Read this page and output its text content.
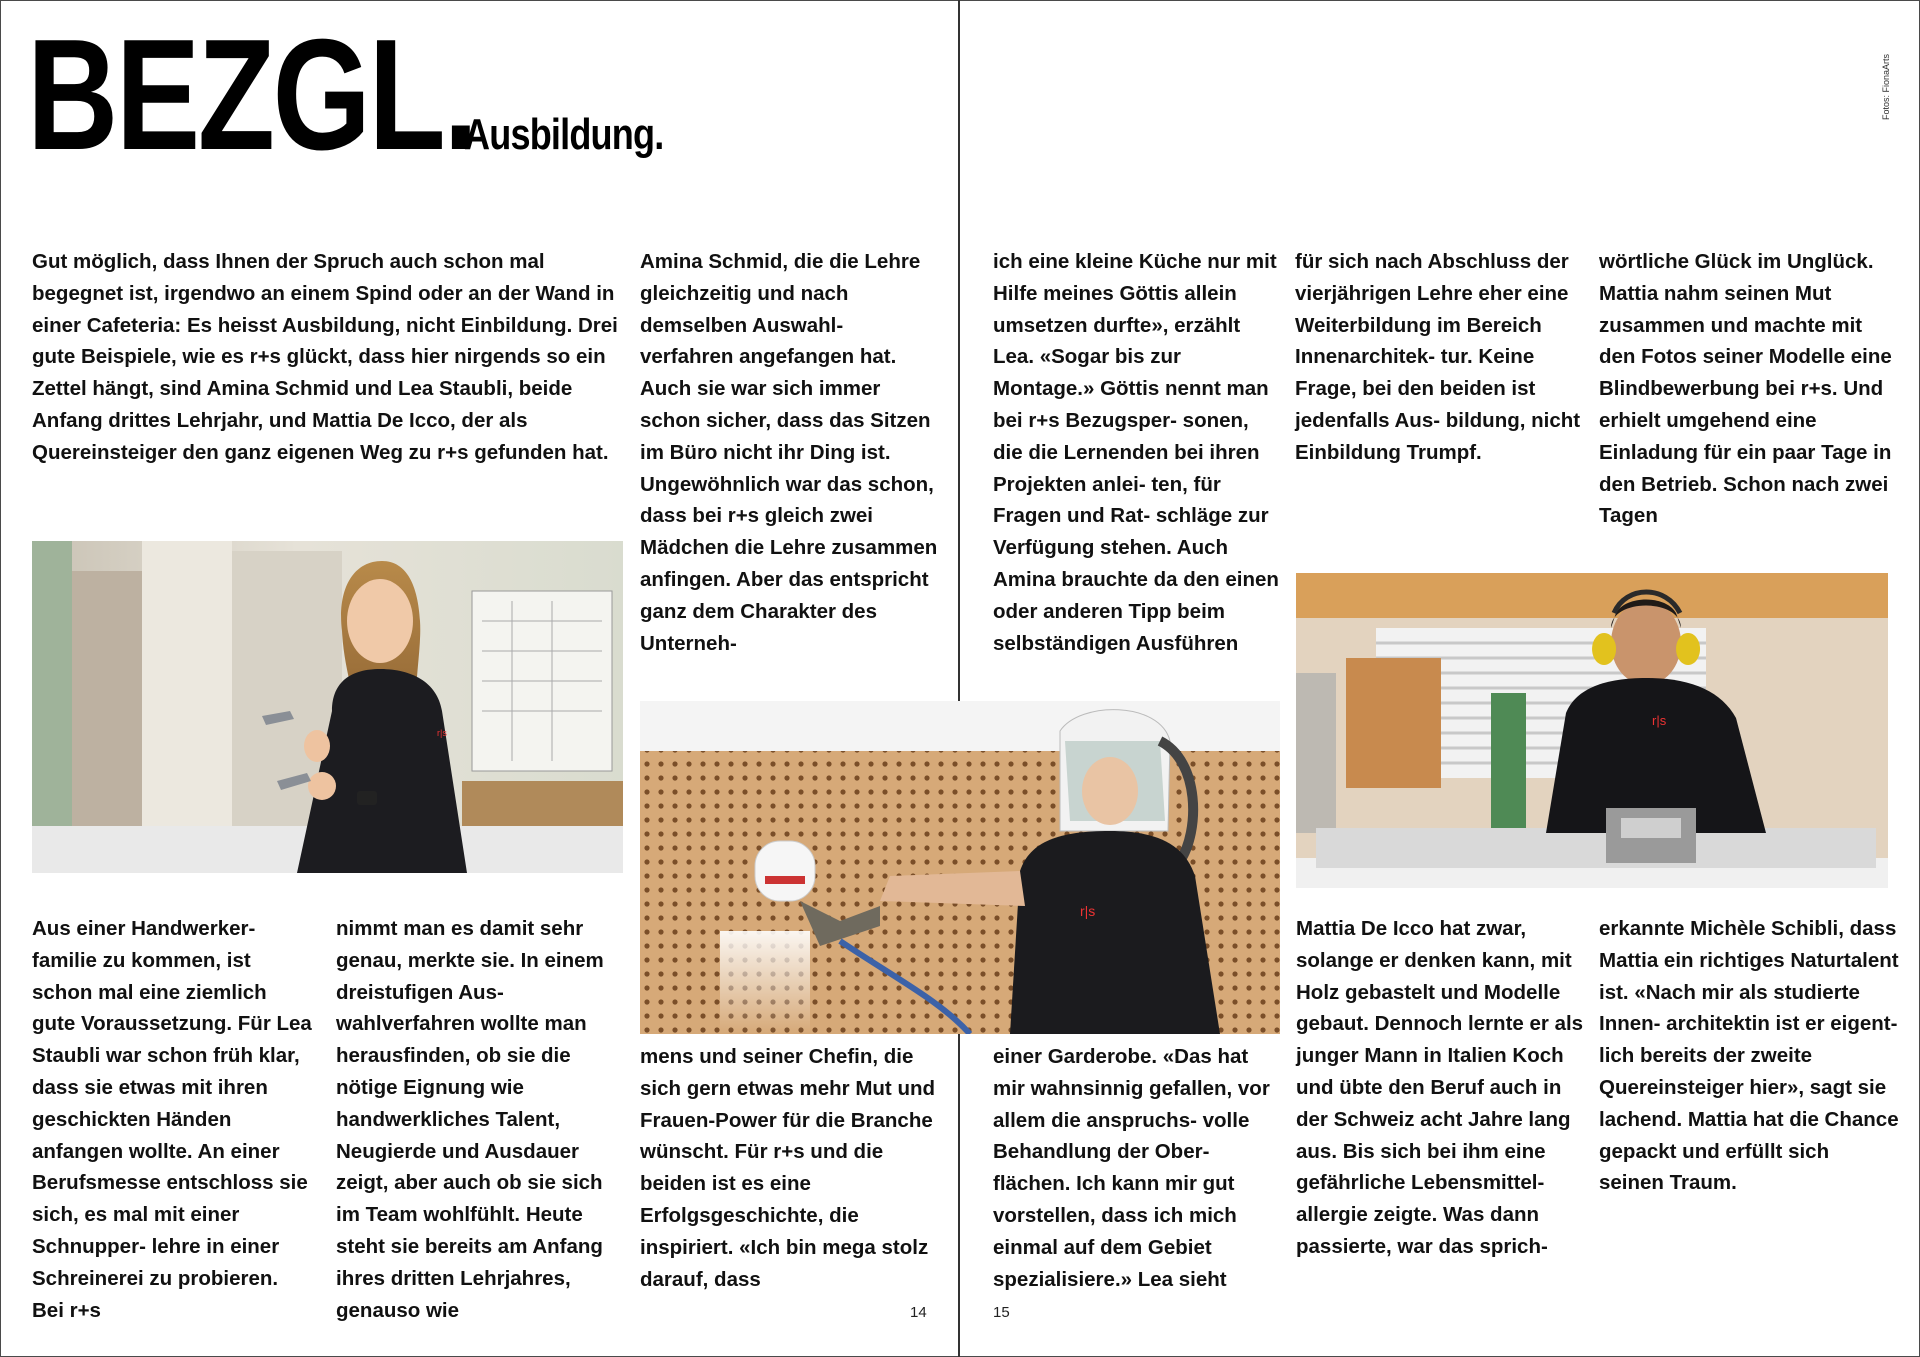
BEZGL.
Ausbildung.
Fotos: FionaArts

Gut möglich, dass Ihnen der Spruch auch schon mal begegnet ist, irgendwo an einem Spind oder an der Wand in einer Cafeteria: Es heisst Ausbildung, nicht Einbildung. Drei gute Beispiele, wie es r+s glückt, dass hier nirgends so ein Zettel hängt, sind Amina Schmid und Lea Staubli, beide Anfang drittes Lehrjahr, und Mattia De Icco, der als Quereinsteiger den ganz eigenen Weg zu r+s gefunden hat.

r|s

Aus einer Handwerker- familie zu kommen, ist schon mal eine ziemlich gute Voraussetzung. Für Lea Staubli war schon früh klar, dass sie etwas mit ihren geschickten Händen anfangen wollte. An einer Berufsmesse entschloss sie sich, es mal mit einer Schnupper- lehre in einer Schreinerei zu probieren. Bei r+s

nimmt man es damit sehr genau, merkte sie. In einem dreistufigen Aus- wahlverfahren wollte man herausfinden, ob sie die nötige Eignung wie handwerkliches Talent, Neugierde und Ausdauer zeigt, aber auch ob sie sich im Team wohlfühlt. Heute steht sie bereits am Anfang ihres dritten Lehrjahres, genauso wie

Amina Schmid, die die Lehre gleichzeitig und nach demselben Auswahl- verfahren angefangen hat. Auch sie war sich immer schon sicher, dass das Sitzen im Büro nicht ihr Ding ist. Ungewöhnlich war das schon, dass bei r+s gleich zwei Mädchen die Lehre zusammen anfingen. Aber das entspricht ganz dem Charakter des Unterneh-

mens und seiner Chefin, die sich gern etwas mehr Mut und Frauen-Power für die Branche wünscht. Für r+s und die beiden ist es eine Erfolgsgeschichte, die inspiriert. «Ich bin mega stolz darauf, dass

r|s

ich eine kleine Küche nur mit Hilfe meines Göttis allein umsetzen durfte», erzählt Lea. «Sogar bis zur Montage.» Göttis nennt man bei r+s Bezugsper- sonen, die die Lernenden bei ihren Projekten anlei- ten, für Fragen und Rat- schläge zur Verfügung stehen. Auch Amina brauchte da den einen oder anderen Tipp beim selbständigen Ausführen

einer Garderobe. «Das hat mir wahnsinnig gefallen, vor allem die anspruchs- volle Behandlung der Ober- flächen. Ich kann mir gut vorstellen, dass ich mich einmal auf dem Gebiet spezialisiere.» Lea sieht

für sich nach Abschluss der vierjährigen Lehre eher eine Weiterbildung im Bereich Innenarchitek- tur. Keine Frage, bei den beiden ist jedenfalls Aus- bildung, nicht Einbildung Trumpf.

wörtliche Glück im Unglück. Mattia nahm seinen Mut zusammen und machte mit den Fotos seiner Modelle eine Blindbewerbung bei r+s. Und erhielt umgehend eine Einladung für ein paar Tage in den Betrieb. Schon nach zwei Tagen

r|s

Mattia De Icco hat zwar, solange er denken kann, mit Holz gebastelt und Modelle gebaut. Dennoch lernte er als junger Mann in Italien Koch und übte den Beruf auch in der Schweiz acht Jahre lang aus. Bis sich bei ihm eine gefährliche Lebensmittel- allergie zeigte. Was dann passierte, war das sprich-

erkannte Michèle Schibli, dass Mattia ein richtiges Naturtalent ist. «Nach mir als studierte Innen- architektin ist er eigent- lich bereits der zweite Quereinsteiger hier», sagt sie lachend. Mattia hat die Chance gepackt und erfüllt sich seinen Traum.

14	15
